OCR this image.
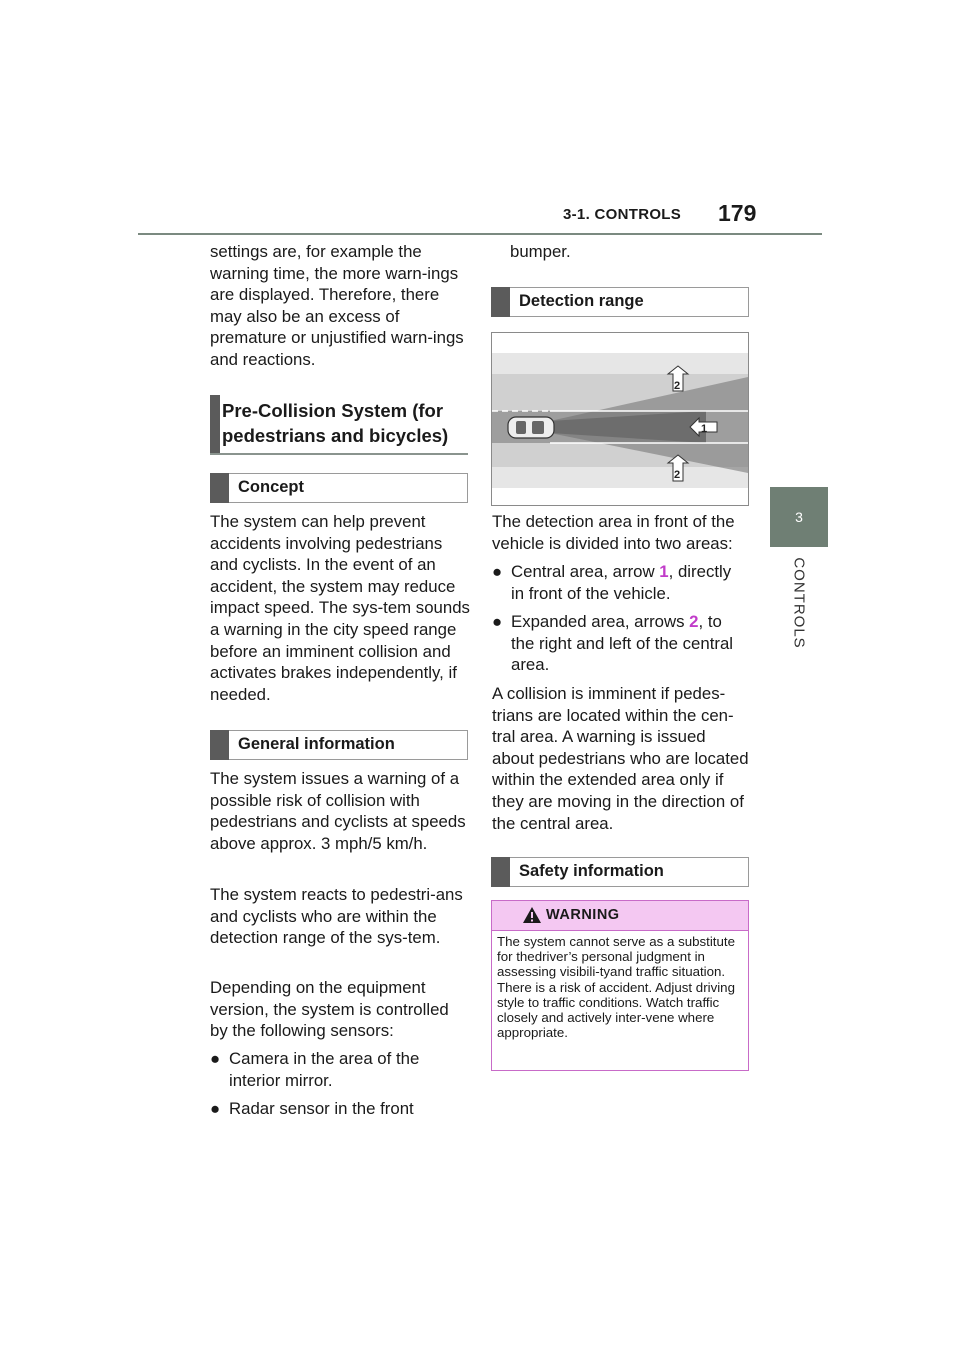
3-1. CONTROLS 179
3
CONTROLS
settings are, for example the warning time, the more warn-ings are displayed. Therefore, there may also be an excess of premature or unjustified warn-ings and reactions.
Pre-Collision System (for pedestrians and bicycles)
Concept
The system can help prevent accidents involving pedestrians and cyclists. In the event of an accident, the system may reduce impact speed. The sys-tem sounds a warning in the city speed range before an imminent collision and activates brakes independently, if needed.
General information
The system issues a warning of a possible risk of collision with pedestrians and cyclists at speeds above approx. 3 mph/5 km/h.
The system reacts to pedestri-ans and cyclists who are within the detection range of the sys-tem.
Depending on the equipment version, the system is controlled by the following sensors:
● Camera in the area of the interior mirror.
● Radar sensor in the front
bumper.
Detection range
2
1
2
The detection area in front of the vehicle is divided into two areas:
● Central area, arrow 1, directly in front of the vehicle.
● Expanded area, arrows 2, to the right and left of the central area.
A collision is imminent if pedes-trians are located within the cen-tral area. A warning is issued about pedestrians who are located within the extended area only if they are moving in the direction of the central area.
Safety information
WARNING
The system cannot serve as a substitute for thedriver’s personal judgment in assessing visibili-tyand traffic situation. There is a risk of accident. Adjust driving style to traffic conditions. Watch traffic closely and actively inter-vene where appropriate.
